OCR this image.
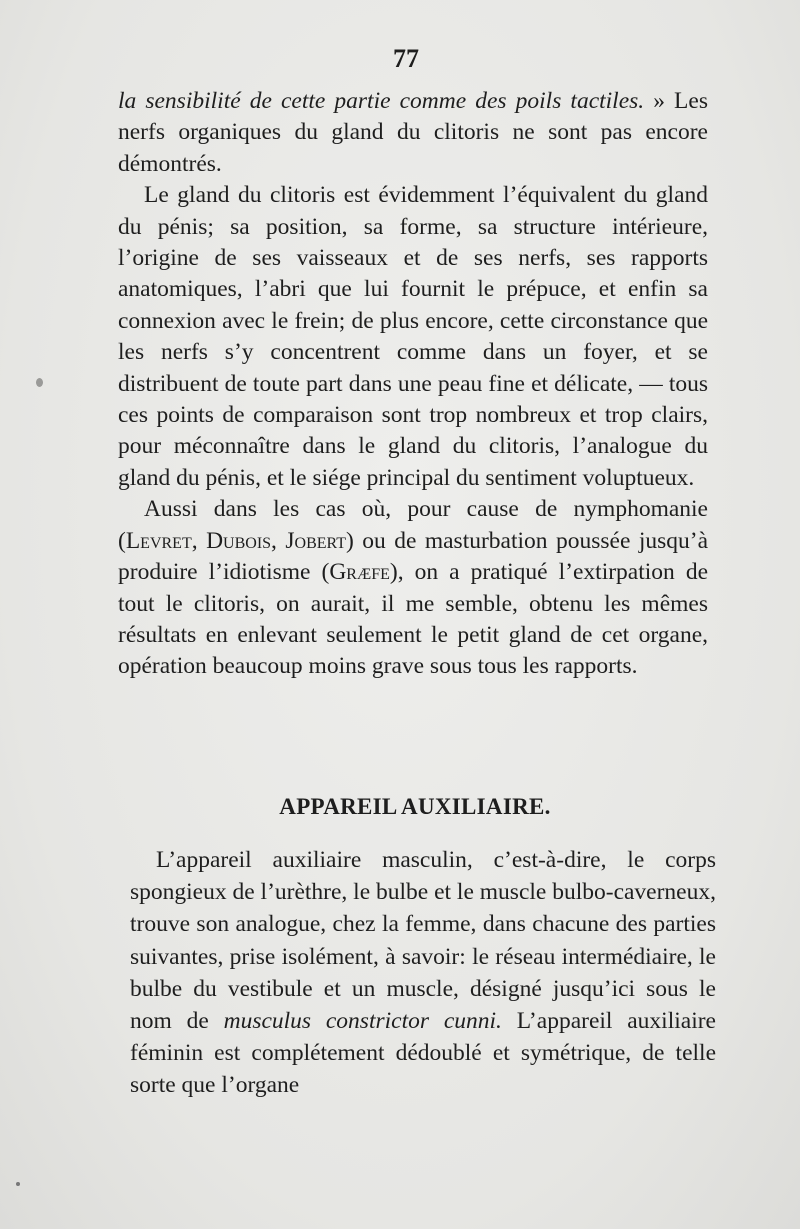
77

la sensibilité de cette partie comme des poils tactiles. » Les nerfs organiques du gland du clitoris ne sont pas encore démontrés.

Le gland du clitoris est évidemment l’équivalent du gland du pénis; sa position, sa forme, sa structure intérieure, l’origine de ses vaisseaux et de ses nerfs, ses rapports anatomiques, l’abri que lui fournit le prépuce, et enfin sa connexion avec le frein; de plus encore, cette circonstance que les nerfs s’y concentrent comme dans un foyer, et se distribuent de toute part dans une peau fine et délicate, — tous ces points de comparaison sont trop nombreux et trop clairs, pour méconnaître dans le gland du clitoris, l’analogue du gland du pénis, et le siége principal du sentiment voluptueux.

Aussi dans les cas où, pour cause de nymphomanie (Levret, Dubois, Jobert) ou de masturbation poussée jusqu’à produire l’idiotisme (Græfe), on a pratiqué l’extirpation de tout le clitoris, on aurait, il me semble, obtenu les mêmes résultats en enlevant seulement le petit gland de cet organe, opération beaucoup moins grave sous tous les rapports.

APPAREIL AUXILIAIRE.

L’appareil auxiliaire masculin, c’est-à-dire, le corps spongieux de l’urèthre, le bulbe et le muscle bulbo-caverneux, trouve son analogue, chez la femme, dans chacune des parties suivantes, prise isolément, à savoir: le réseau intermédiaire, le bulbe du vestibule et un muscle, désigné jusqu’ici sous le nom de musculus constrictor cunni. L’appareil auxiliaire féminin est complétement dédoublé et symétrique, de telle sorte que l’organe
